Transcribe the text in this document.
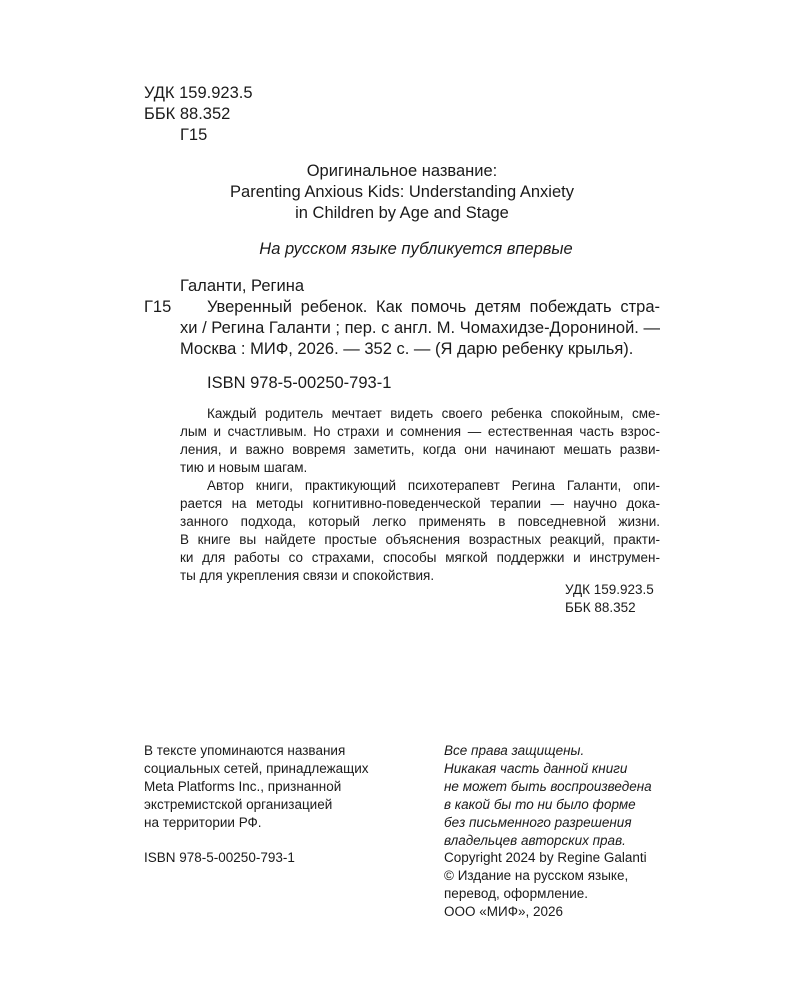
УДК 159.923.5
ББК 88.352
Г15
Оригинальное название:
Parenting Anxious Kids: Understanding Anxiety
in Children by Age and Stage
На русском языке публикуется впервые
Галанти, Регина
Г15 Уверенный ребенок. Как помочь детям побеждать стра-
хи / Регина Галанти ; пер. с англ. М. Чомахидзе-Дорониной. —
Москва : МИФ, 2026. — 352 с. — (Я дарю ребенку крылья).
ISBN 978-5-00250-793-1
Каждый родитель мечтает видеть своего ребенка спокойным, сме-
лым и счастливым. Но страхи и сомнения — естественная часть взрос-
ления, и важно вовремя заметить, когда они начинают мешать разви-
тию и новым шагам.
Автор книги, практикующий психотерапевт Регина Галанти, опи-
рается на методы когнитивно-поведенческой терапии — научно дока-
занного подхода, который легко применять в повседневной жизни.
В книге вы найдете простые объяснения возрастных реакций, практи-
ки для работы со страхами, способы мягкой поддержки и инструмен-
ты для укрепления связи и спокойствия.
УДК 159.923.5
ББК 88.352
В тексте упоминаются названия
социальных сетей, принадлежащих
Meta Platforms Inc., признанной
экстремистской организацией
на территории РФ.
ISBN 978-5-00250-793-1
Все права защищены.
Никакая часть данной книги
не может быть воспроизведена
в какой бы то ни было форме
без письменного разрешения
владельцев авторских прав.
Copyright 2024 by Regine Galanti
© Издание на русском языке,
перевод, оформление.
ООО «МИФ», 2026
